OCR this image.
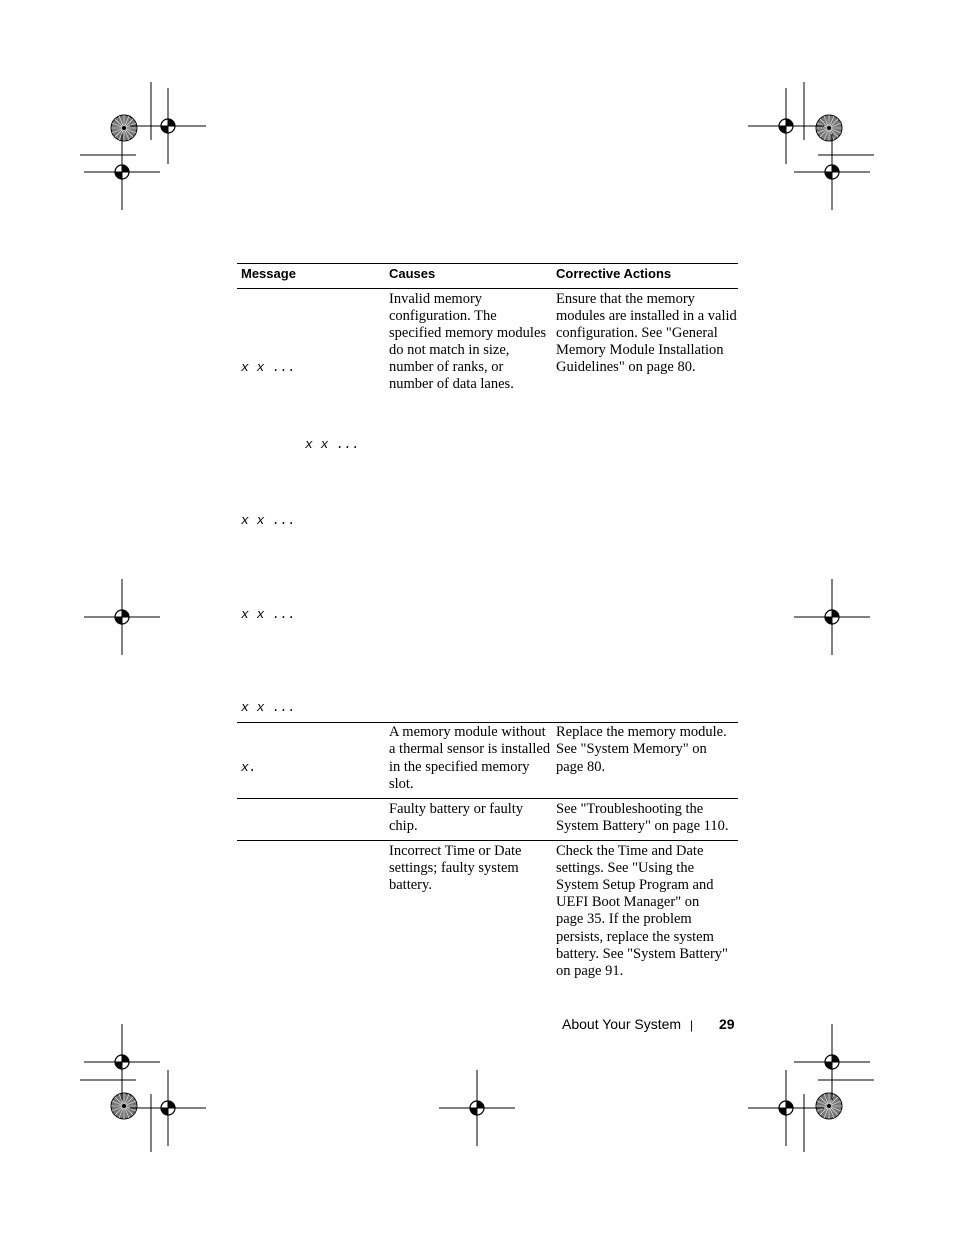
Message	Causes	Corrective Actions
x x ...
x x ...
x x ...
x x ...
x x ...
Invalid memory
configuration. The
specified memory modules
do not match in size,
number of ranks, or
number of data lanes.
Ensure that the memory
modules are installed in a valid
configuration. See "General
Memory Module Installation
Guidelines" on page 80.
x.
A memory module without
a thermal sensor is installed
in the specified memory
slot.
Replace the memory module.
See "System Memory" on
page 80.
Faulty battery or faulty
chip.
See "Troubleshooting the
System Battery" on page 110.
Incorrect Time or Date
settings; faulty system
battery.
Check the Time and Date
settings. See "Using the
System Setup Program and
UEFI Boot Manager" on
page 35. If the problem
persists, replace the system
battery. See "System Battery"
on page 91.
About Your System | 29
